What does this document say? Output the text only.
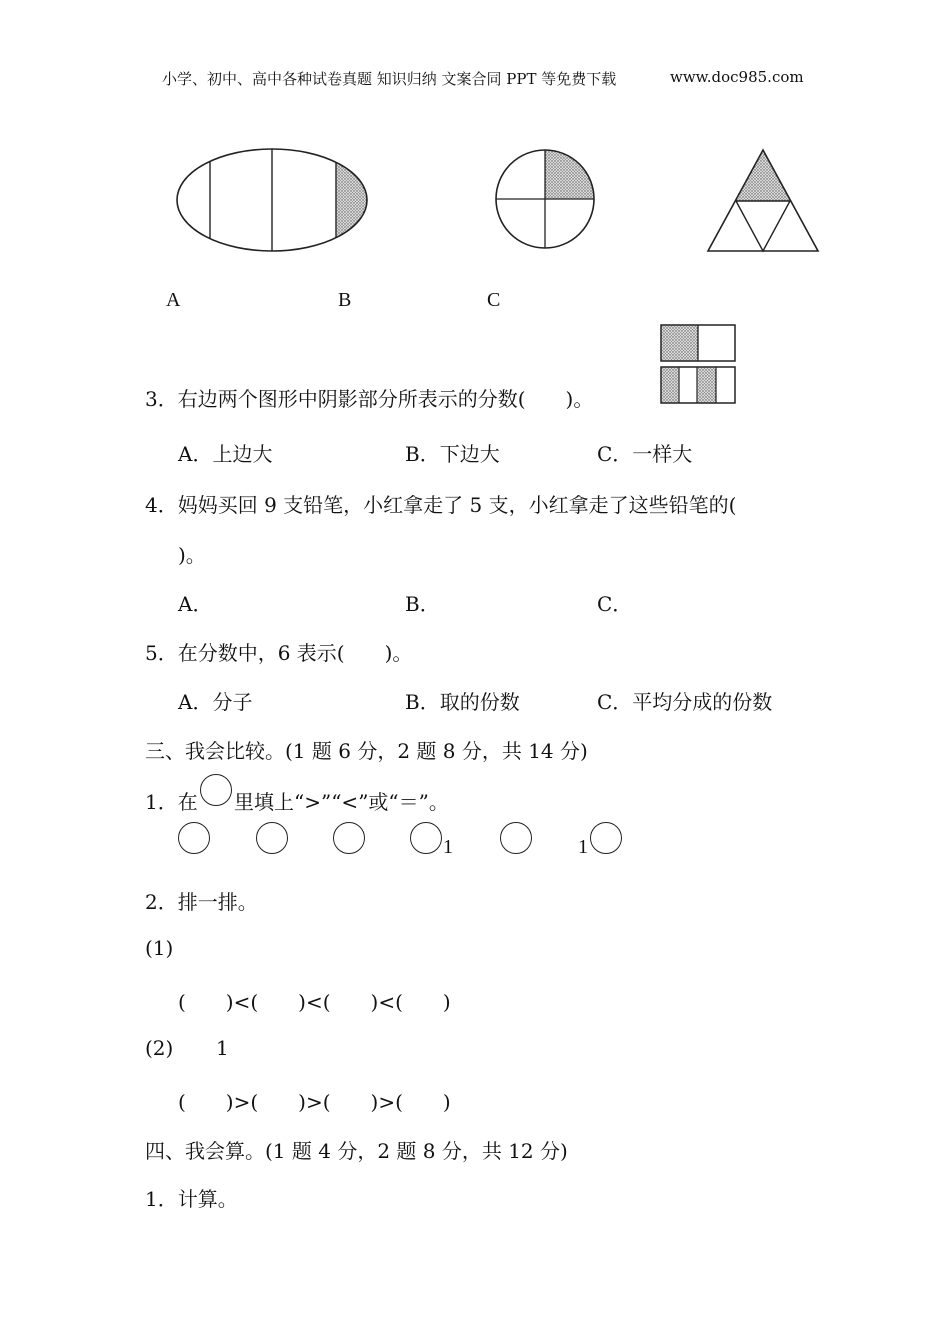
小学、初中、高中各种试卷真题 知识归纳 文案合同 PPT 等免费下载	www.doc985.com
A	B	C
3．右边两个图形中阴影部分所表示的分数(　　)。
A．上边大	B．下边大	C．一样大
4．妈妈买回 9 支铅笔，小红拿走了 5 支，小红拿走了这些铅笔的(
)。
A．	B．	C．
5．在分数中，6 表示(　　)。
A．分子	B．取的份数	C．平均分成的份数
三、我会比较。(1 题 6 分，2 题 8 分，共 14 分)
1．在 里填上“>”“<”或“＝”。
1	1
2．排一排。
(1)
(　　)<(　　)<(　　)<(　　)
(2) 1
(　　)>(　　)>(　　)>(　　)
四、我会算。(1 题 4 分，2 题 8 分，共 12 分)
1．计算。
